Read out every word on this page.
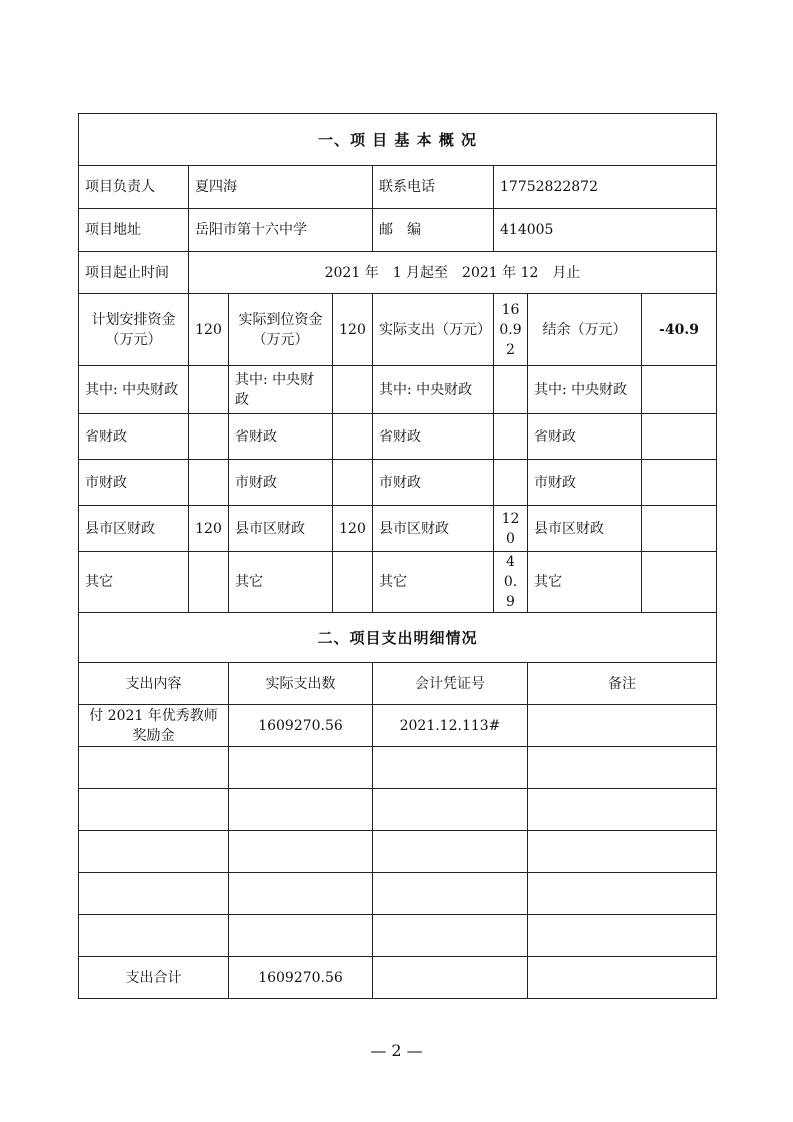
一、项 目 基 本 概 况							
项目负责人	夏四海			联系电话	17752822872		
项目地址	岳阳市第十六中学			邮　编	414005		
项目起止时间	2021 年　1 月起至　2021 年 12　月止						
计划安排资金（万元）	120	实际到位资金（万元）	120	实际支出（万元）	160.92	结余（万元）	-40.9
其中: 中央财政		其中: 中央财政		其中: 中央财政		其中: 中央财政	
省财政		省财政		省财政		省财政	
市财政		市财政		市财政		市财政	
县市区财政	120	县市区财政	120	县市区财政	120	县市区财政	
其它		其它		其它	40.9	其它	
二、项目支出明细情况							
支出内容		实际支出数		会计凭证号		备注	
付 2021 年优秀教师奖励金		1609270.56		2021.12.113#			

支出合计		1609270.56					
— 2 —
